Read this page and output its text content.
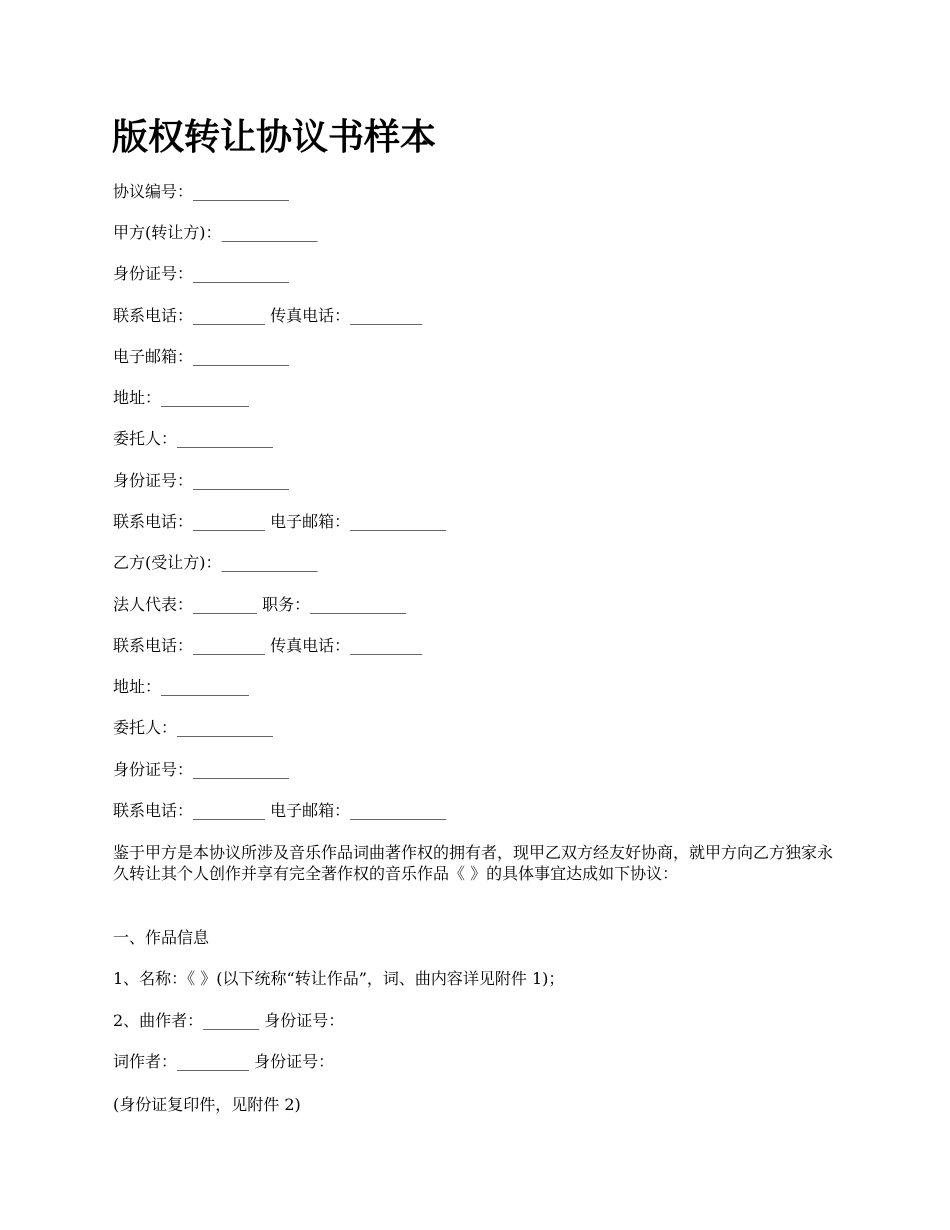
版权转让协议书样本
协议编号：____________
甲方(转让方)：____________
身份证号：____________
联系电话：_________ 传真电话：_________
电子邮箱：____________
地址：___________
委托人：____________
身份证号：____________
联系电话：_________ 电子邮箱：____________
乙方(受让方)：____________
法人代表：________ 职务：____________
联系电话：_________ 传真电话：_________
地址：___________
委托人：____________
身份证号：____________
联系电话：_________ 电子邮箱：____________
鉴于甲方是本协议所涉及音乐作品词曲著作权的拥有者，现甲乙双方经友好协商，就甲方向乙方独家永久转让其个人创作并享有完全著作权的音乐作品《 》的具体事宜达成如下协议：
一、作品信息
1、名称：《 》(以下统称“转让作品”，词、曲内容详见附件 1)；
2、曲作者：_______ 身份证号：
词作者：_________ 身份证号：
(身份证复印件，见附件 2)
